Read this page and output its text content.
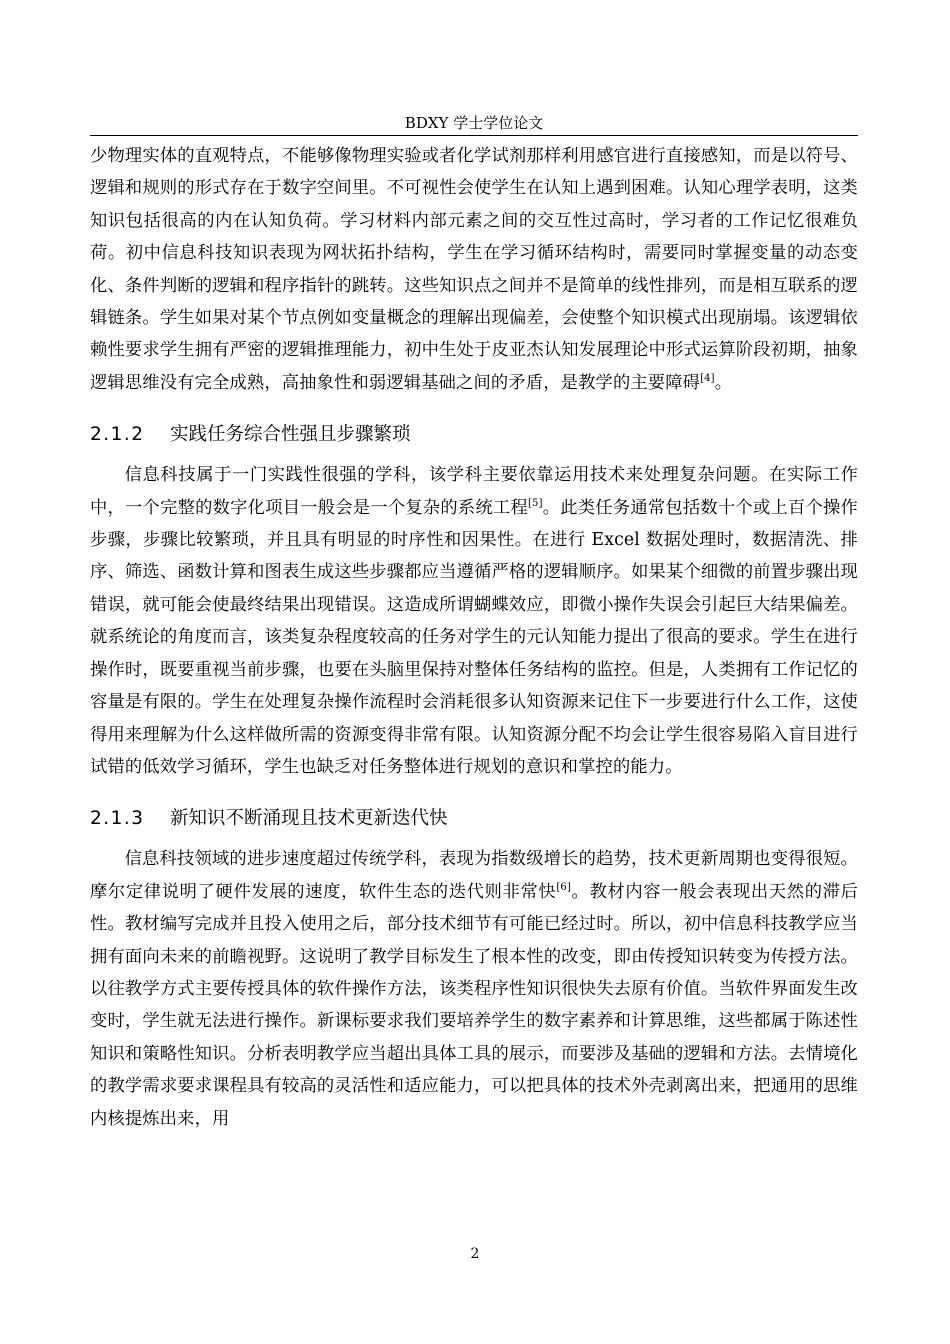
BDXY 学士学位论文

少物理实体的直观特点，不能够像物理实验或者化学试剂那样利用感官进行直接感知，而是以符号、逻辑和规则的形式存在于数字空间里。不可视性会使学生在认知上遇到困难。认知心理学表明，这类知识包括很高的内在认知负荷。学习材料内部元素之间的交互性过高时，学习者的工作记忆很难负荷。初中信息科技知识表现为网状拓扑结构，学生在学习循环结构时，需要同时掌握变量的动态变化、条件判断的逻辑和程序指针的跳转。这些知识点之间并不是简单的线性排列，而是相互联系的逻辑链条。学生如果对某个节点例如变量概念的理解出现偏差，会使整个知识模式出现崩塌。该逻辑依赖性要求学生拥有严密的逻辑推理能力，初中生处于皮亚杰认知发展理论中形式运算阶段初期，抽象逻辑思维没有完全成熟，高抽象性和弱逻辑基础之间的矛盾，是教学的主要障碍[4]。

2.1.2 实践任务综合性强且步骤繁琐

信息科技属于一门实践性很强的学科，该学科主要依靠运用技术来处理复杂问题。在实际工作中，一个完整的数字化项目一般会是一个复杂的系统工程[5]。此类任务通常包括数十个或上百个操作步骤，步骤比较繁琐，并且具有明显的时序性和因果性。在进行 Excel 数据处理时，数据清洗、排序、筛选、函数计算和图表生成这些步骤都应当遵循严格的逻辑顺序。如果某个细微的前置步骤出现错误，就可能会使最终结果出现错误。这造成所谓蝴蝶效应，即微小操作失误会引起巨大结果偏差。就系统论的角度而言，该类复杂程度较高的任务对学生的元认知能力提出了很高的要求。学生在进行操作时，既要重视当前步骤，也要在头脑里保持对整体任务结构的监控。但是，人类拥有工作记忆的容量是有限的。学生在处理复杂操作流程时会消耗很多认知资源来记住下一步要进行什么工作，这使得用来理解为什么这样做所需的资源变得非常有限。认知资源分配不均会让学生很容易陷入盲目进行试错的低效学习循环，学生也缺乏对任务整体进行规划的意识和掌控的能力。

2.1.3 新知识不断涌现且技术更新迭代快

信息科技领域的进步速度超过传统学科，表现为指数级增长的趋势，技术更新周期也变得很短。摩尔定律说明了硬件发展的速度，软件生态的迭代则非常快[6]。教材内容一般会表现出天然的滞后性。教材编写完成并且投入使用之后，部分技术细节有可能已经过时。所以，初中信息科技教学应当拥有面向未来的前瞻视野。这说明了教学目标发生了根本性的改变，即由传授知识转变为传授方法。以往教学方式主要传授具体的软件操作方法，该类程序性知识很快失去原有价值。当软件界面发生改变时，学生就无法进行操作。新课标要求我们要培养学生的数字素养和计算思维，这些都属于陈述性知识和策略性知识。分析表明教学应当超出具体工具的展示，而要涉及基础的逻辑和方法。去情境化的教学需求要求课程具有较高的灵活性和适应能力，可以把具体的技术外壳剥离出来，把通用的思维内核提炼出来，用

2
